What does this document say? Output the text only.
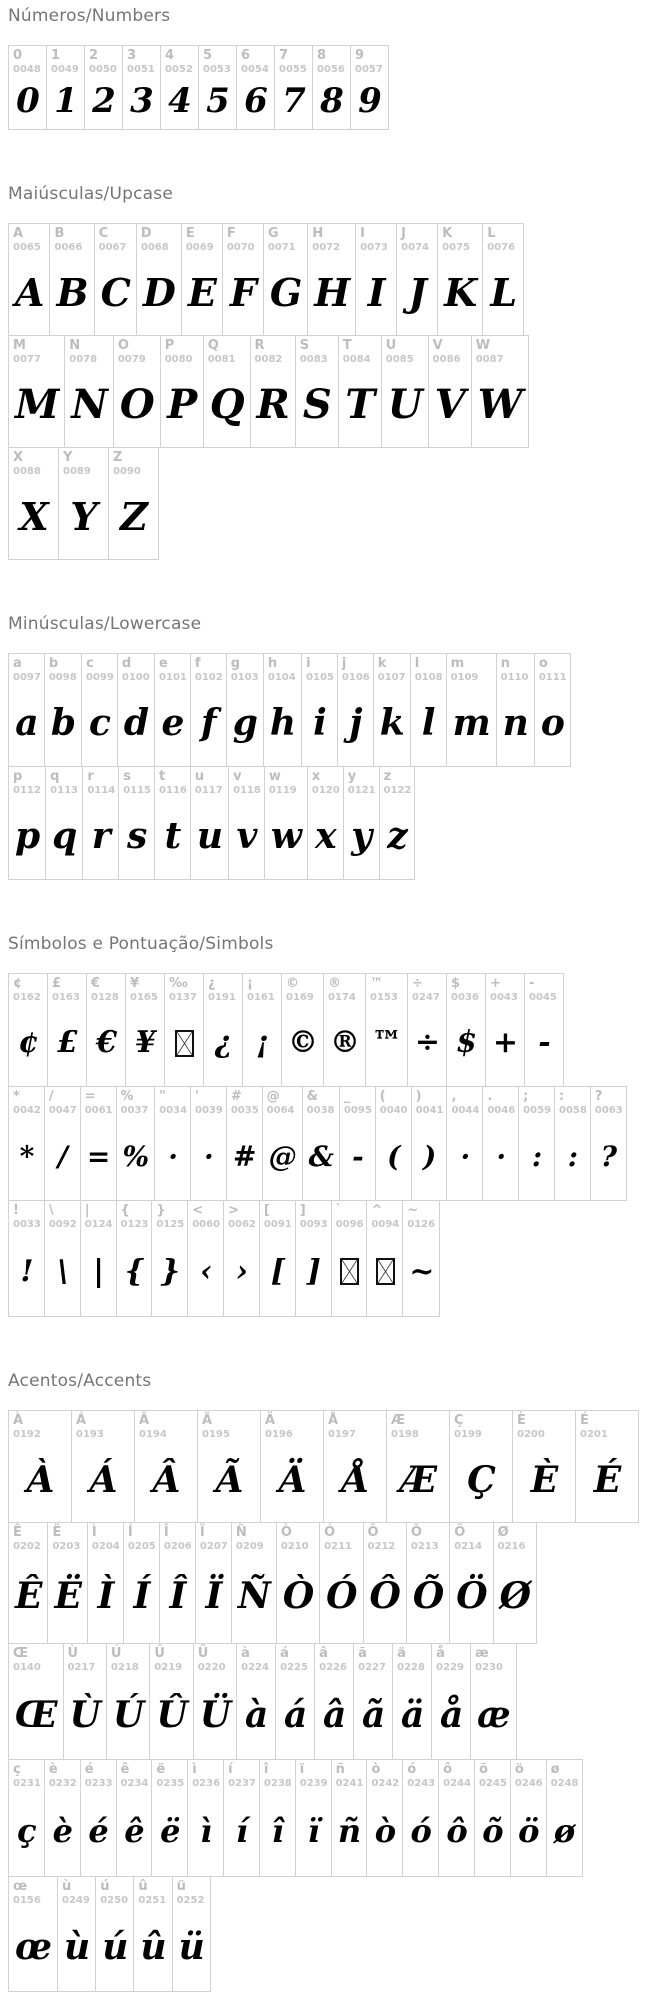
Números/Numbers
0
0048
0
1
0049
1
2
0050
2
3
0051
3
4
0052
4
5
0053
5
6
0054
6
7
0055
7
8
0056
8
9
0057
9
Maiúsculas/Upcase
A
0065
A
B
0066
B
C
0067
C
D
0068
D
E
0069
E
F
0070
F
G
0071
G
H
0072
H
I
0073
I
J
0074
J
K
0075
K
L
0076
L
M
0077
M
N
0078
N
O
0079
O
P
0080
P
Q
0081
Q
R
0082
R
S
0083
S
T
0084
T
U
0085
U
V
0086
V
W
0087
W
X
0088
X
Y
0089
Y
Z
0090
Z
Minúsculas/Lowercase
a
0097
a
b
0098
b
c
0099
c
d
0100
d
e
0101
e
f
0102
f
g
0103
g
h
0104
h
i
0105
i
j
0106
j
k
0107
k
l
0108
l
m
0109
m
n
0110
n
o
0111
o
p
0112
p
q
0113
q
r
0114
r
s
0115
s
t
0116
t
u
0117
u
v
0118
v
w
0119
w
x
0120
x
y
0121
y
z
0122
z
Símbolos e Pontuação/Simbols
¢
0162
¢
£
0163
£
€
0128
€
¥
0165
¥
‰
0137
¿
0191
¿
¡
0161
¡
©
0169
©
®
0174
®
™
0153
™
÷
0247
÷
$
0036
$
+
0043
+
-
0045
-
*
0042
*
/
0047
/
=
0061
=
%
0037
%
"
0034
·
'
0039
·
#
0035
#
@
0064
@
&
0038
&
_
0095
-
(
0040
(
)
0041
)
,
0044
·
.
0046
·
;
0059
:
:
0058
:
?
0063
?
!
0033
!
\
0092
\
|
0124
|
{
0123
{
}
0125
}
<
0060
‹
>
0062
›
[
0091
[
]
0093
]
`
0096
^
0094
~
0126
~
Acentos/Accents
À
0192
À
Á
0193
Á
Â
0194
Â
Ã
0195
Ã
Ä
0196
Ä
Å
0197
Å
Æ
0198
Æ
Ç
0199
Ç
È
0200
È
É
0201
É
Ê
0202
Ê
Ë
0203
Ë
Ì
0204
Ì
Í
0205
Í
Î
0206
Î
Ï
0207
Ï
Ñ
0209
Ñ
Ò
0210
Ò
Ó
0211
Ó
Ô
0212
Ô
Õ
0213
Õ
Ö
0214
Ö
Ø
0216
Ø
Œ
0140
Œ
Ù
0217
Ù
Ú
0218
Ú
Û
0219
Û
Ü
0220
Ü
à
0224
à
á
0225
á
â
0226
â
ã
0227
ã
ä
0228
ä
å
0229
å
æ
0230
æ
ç
0231
ç
è
0232
è
é
0233
é
ê
0234
ê
ë
0235
ë
ì
0236
ì
í
0237
í
î
0238
î
ï
0239
ï
ñ
0241
ñ
ò
0242
ò
ó
0243
ó
ô
0244
ô
õ
0245
õ
ö
0246
ö
ø
0248
ø
œ
0156
œ
ù
0249
ù
ú
0250
ú
û
0251
û
ü
0252
ü
